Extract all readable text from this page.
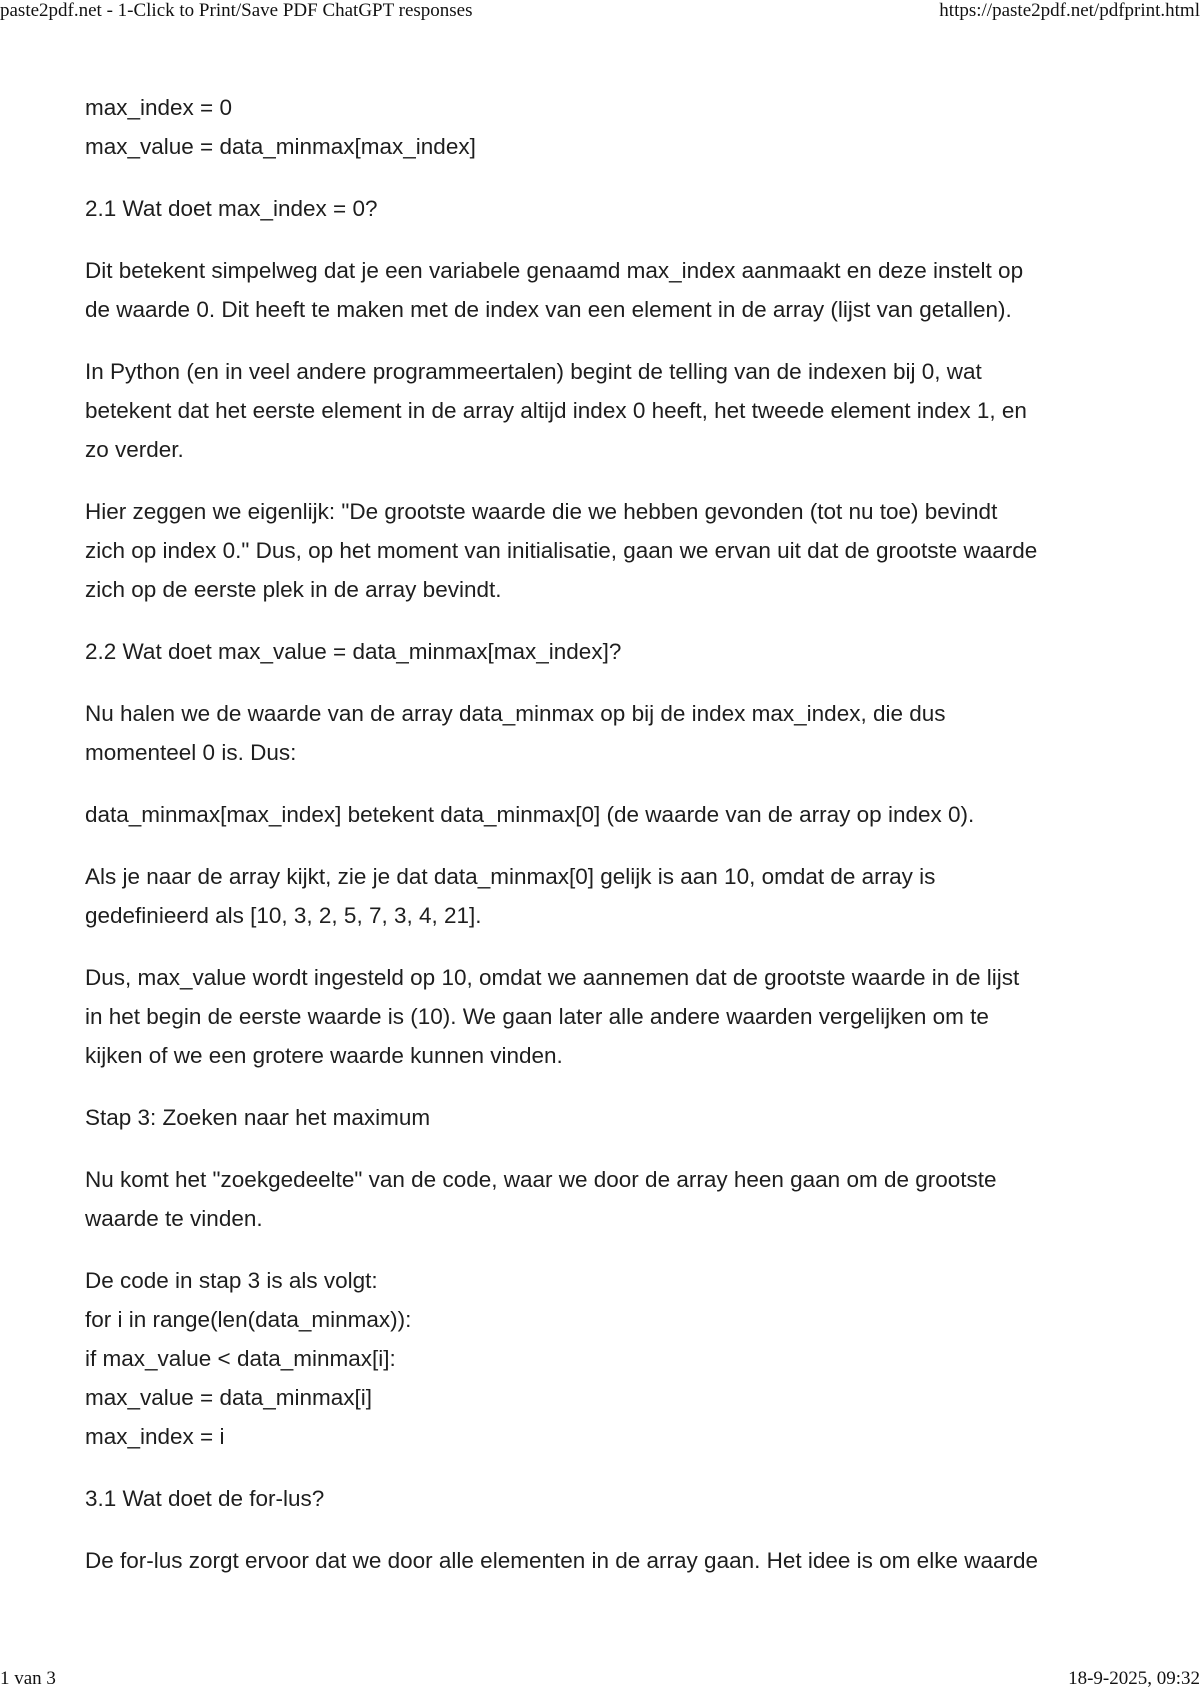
paste2pdf.net - 1-Click to Print/Save PDF ChatGPT responses	https://paste2pdf.net/pdfprint.html
max_index = 0
max_value = data_minmax[max_index]
2.1 Wat doet max_index = 0?
Dit betekent simpelweg dat je een variabele genaamd max_index aanmaakt en deze instelt op
de waarde 0. Dit heeft te maken met de index van een element in de array (lijst van getallen).
In Python (en in veel andere programmeertalen) begint de telling van de indexen bij 0, wat
betekent dat het eerste element in de array altijd index 0 heeft, het tweede element index 1, en
zo verder.
Hier zeggen we eigenlijk: "De grootste waarde die we hebben gevonden (tot nu toe) bevindt
zich op index 0." Dus, op het moment van initialisatie, gaan we ervan uit dat de grootste waarde
zich op de eerste plek in de array bevindt.
2.2 Wat doet max_value = data_minmax[max_index]?
Nu halen we de waarde van de array data_minmax op bij de index max_index, die dus
momenteel 0 is. Dus:
data_minmax[max_index] betekent data_minmax[0] (de waarde van de array op index 0).
Als je naar de array kijkt, zie je dat data_minmax[0] gelijk is aan 10, omdat de array is
gedefinieerd als [10, 3, 2, 5, 7, 3, 4, 21].
Dus, max_value wordt ingesteld op 10, omdat we aannemen dat de grootste waarde in de lijst
in het begin de eerste waarde is (10). We gaan later alle andere waarden vergelijken om te
kijken of we een grotere waarde kunnen vinden.
Stap 3: Zoeken naar het maximum
Nu komt het "zoekgedeelte" van de code, waar we door de array heen gaan om de grootste
waarde te vinden.
De code in stap 3 is als volgt:
for i in range(len(data_minmax)):
if max_value < data_minmax[i]:
max_value = data_minmax[i]
max_index = i
3.1 Wat doet de for-lus?
De for-lus zorgt ervoor dat we door alle elementen in de array gaan. Het idee is om elke waarde
1 van 3	18-9-2025, 09:32
